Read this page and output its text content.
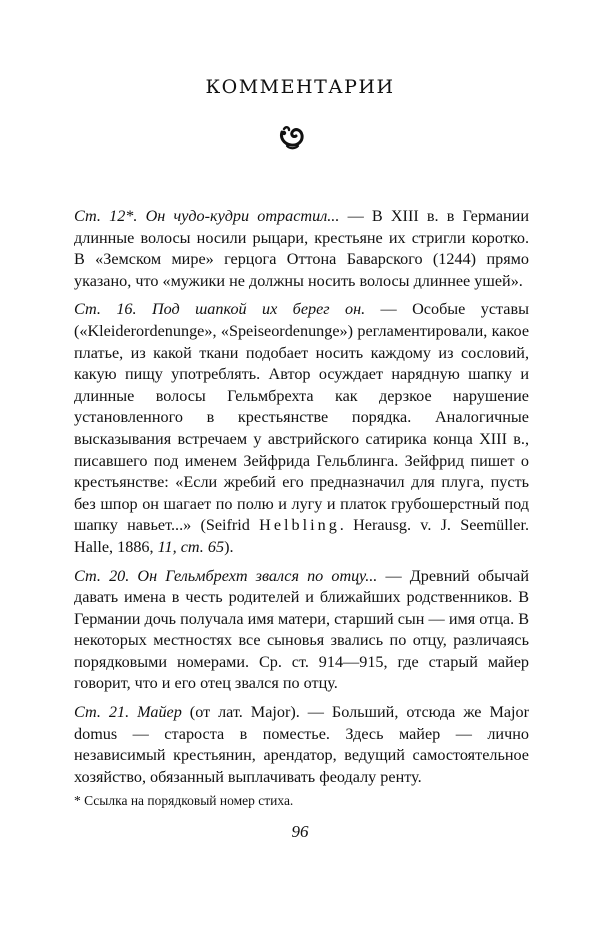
КОММЕНТАРИИ

Ст. 12*. Он чудо-кудри отрастил... — В XIII в. в Германии длинные волосы носили рыцари, крестьяне их стригли коротко. В «Земском мире» герцога Оттона Баварского (1244) прямо указано, что «мужики не должны носить волосы длиннее ушей».

Ст. 16. Под шапкой их берег он. — Особые уставы («Kleiderordenunge», «Speiseordenunge») регламентировали, какое платье, из какой ткани подобает носить каждому из сословий, какую пищу употреблять. Автор осуждает нарядную шапку и длинные волосы Гельмбрехта как дерзкое нарушение установленного в крестьянстве порядка. Аналогичные высказывания встречаем у австрийского сатирика конца XIII в., писавшего под именем Зейфрида Гельблинга. Зейфрид пишет о крестьянстве: «Если жребий его предназначил для плуга, пусть без шпор он шагает по полю и лугу и платок грубошерстный под шапку навьет...» (Seifrid Helbling. Herausg. v. J. Seemüller. Halle, 1886, 11, ст. 65).

Ст. 20. Он Гельмбрехт звался по отцу... — Древний обычай давать имена в честь родителей и ближайших родственников. В Германии дочь получала имя матери, старший сын — имя отца. В некоторых местностях все сыновья звались по отцу, различаясь порядковыми номерами. Ср. ст. 914—915, где старый майер говорит, что и его отец звался по отцу.

Ст. 21. Майер (от лат. Major). — Больший, отсюда же Major domus — староста в поместье. Здесь майер — лично независимый крестьянин, арендатор, ведущий самостоятельное хозяйство, обязанный выплачивать феодалу ренту.

* Ссылка на порядковый номер стиха.
96
